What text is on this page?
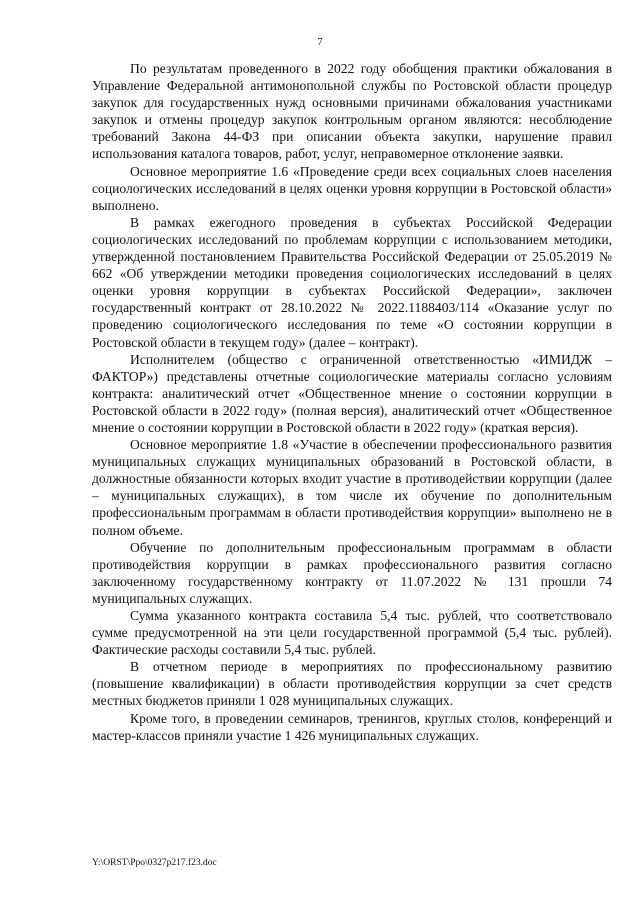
7

По результатам проведенного в 2022 году обобщения практики обжалования в Управление Федеральной антимонопольной службы по Ростовской области процедур закупок для государственных нужд основными причинами обжалования участниками закупок и отмены процедур закупок контрольным органом являются: несоблюдение требований Закона 44-ФЗ при описании объекта закупки, нарушение правил использования каталога товаров, работ, услуг, неправомерное отклонение заявки.

Основное мероприятие 1.6 «Проведение среди всех социальных слоев населения социологических исследований в целях оценки уровня коррупции в Ростовской области» выполнено.

В рамках ежегодного проведения в субъектах Российской Федерации социологических исследований по проблемам коррупции с использованием методики, утвержденной постановлением Правительства Российской Федерации от 25.05.2019 № 662 «Об утверждении методики проведения социологических исследований в целях оценки уровня коррупции в субъектах Российской Федерации», заключен государственный контракт от 28.10.2022 № 2022.1188403/114 «Оказание услуг по проведению социологического исследования по теме «О состоянии коррупции в Ростовской области в текущем году» (далее – контракт).

Исполнителем (общество с ограниченной ответственностью «ИМИДЖ – ФАКТОР») представлены отчетные социологические материалы согласно условиям контракта: аналитический отчет «Общественное мнение о состоянии коррупции в Ростовской области в 2022 году» (полная версия), аналитический отчет «Общественное мнение о состоянии коррупции в Ростовской области в 2022 году» (краткая версия).

Основное мероприятие 1.8 «Участие в обеспечении профессионального развития муниципальных служащих муниципальных образований в Ростовской области, в должностные обязанности которых входит участие в противодействии коррупции (далее – муниципальных служащих), в том числе их обучение по дополнительным профессиональным программам в области противодействия коррупции» выполнено не в полном объеме.

Обучение по дополнительным профессиональным программам в области противодействия коррупции в рамках профессионального развития согласно заключенному государственному контракту от 11.07.2022 № 131 прошли 74 муниципальных служащих.

Сумма указанного контракта составила 5,4 тыс. рублей, что соответствовало сумме предусмотренной на эти цели государственной программой (5,4 тыс. рублей). Фактические расходы составили 5,4 тыс. рублей.

В отчетном периоде в мероприятиях по профессиональному развитию (повышение квалификации) в области противодействия коррупции за счет средств местных бюджетов приняли 1 028 муниципальных служащих.

Кроме того, в проведении семинаров, тренингов, круглых столов, конференций и мастер-классов приняли участие 1 426 муниципальных служащих.

Y:\ORST\Ppo\0327p217.f23.doc
